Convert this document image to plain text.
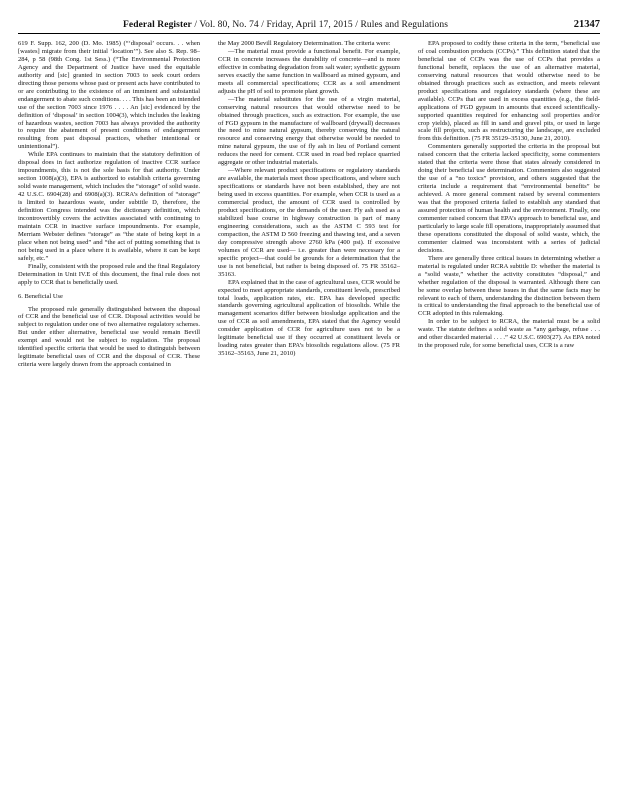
Federal Register / Vol. 80, No. 74 / Friday, April 17, 2015 / Rules and Regulations	21347

619 F. Supp. 162, 200 (D. Mo. 1985) (“‘disposal’ occurs. . . when [wastes] migrate from their initial ‘location’”). See also S. Rep. 98–284, p 58 (98th Cong. 1st Sess.) (“The Environmental Protection Agency and the Department of Justice have used the equitable authority and [sic] granted in section 7003 to seek court orders directing those persons whose past or present acts have contributed to or are contributing to the existence of an imminent and substantial endangerment to abate such conditions. . . . This has been an intended use of the section 7003 since 1976 . . . . An [sic] evidenced by the definition of ‘disposal’ in section 1004(3), which includes the leaking of hazardous wastes, section 7003 has always provided the authority to require the abatement of present conditions of endangerment resulting from past disposal practices, whether intentional or unintentional”).

While EPA continues to maintain that the statutory definition of disposal does in fact authorize regulation of inactive CCR surface impoundments, this is not the sole basis for that authority. Under section 1008(a)(3), EPA is authorized to establish criteria governing solid waste management, which includes the “storage” of solid waste. 42 U.S.C. 6904(28) and 6908(a)(3). RCRA’s definition of “storage” is limited to hazardous waste, under subtitle D, therefore, the definition Congress intended was the dictionary definition, which incontrovertibly covers the activities associated with continuing to maintain CCR in inactive surface impoundments. For example, Merriam Webster defines “storage” as “the state of being kept in a place when not being used” and “the act of putting something that is not being used in a place where it is available, where it can be kept safely, etc.”

Finally, consistent with the proposed rule and the final Regulatory Determination in Unit IV.E of this document, the final rule does not apply to CCR that is beneficially used.

6. Beneficial Use

The proposed rule generally distinguished between the disposal of CCR and the beneficial use of CCR. Disposal activities would be subject to regulation under one of two alternative regulatory schemes. But under either alternative, beneficial use would remain Bevill exempt and would not be subject to regulation. The proposal identified specific criteria that would be used to distinguish between legitimate beneficial uses of CCR and the disposal of CCR. These criteria were largely drawn from the approach contained in

the May 2000 Bevill Regulatory Determination. The criteria were:

—The material must provide a functional benefit. For example, CCR in concrete increases the durability of concrete—and is more effective in combating degradation from salt water; synthetic gypsum serves exactly the same function in wallboard as mined gypsum, and meets all commercial specifications; CCR as a soil amendment adjusts the pH of soil to promote plant growth.

—The material substitutes for the use of a virgin material, conserving natural resources that would otherwise need to be obtained through practices, such as extraction. For example, the use of FGD gypsum in the manufacture of wallboard (drywall) decreases the need to mine natural gypsum, thereby conserving the natural resource and conserving energy that otherwise would be needed to mine natural gypsum, the use of fly ash in lieu of Portland cement reduces the need for cement. CCR used in road bed replace quarried aggregate or other industrial materials.

—Where relevant product specifications or regulatory standards are available, the materials meet those specifications, and where such specifications or standards have not been established, they are not being used in excess quantities. For example, when CCR is used as a commercial product, the amount of CCR used is controlled by product specifications, or the demands of the user. Fly ash used as a stabilized base course in highway construction is part of many engineering considerations, such as the ASTM C 593 test for compaction, the ASTM D 560 freezing and thawing test, and a seven day compressive strength above 2760 kPa (400 psi). If excessive volumes of CCR are used— i.e. greater than were necessary for a specific project—that could be grounds for a determination that the use is not beneficial, but rather is being disposed of. 75 FR 35162–35163.

EPA explained that in the case of agricultural uses, CCR would be expected to meet appropriate standards, constituent levels, prescribed total loads, application rates, etc. EPA has developed specific standards governing agricultural application of biosolids. While the management scenarios differ between biosludge application and the use of CCR as soil amendments, EPA stated that the Agency would consider application of CCR for agriculture uses not to be a legitimate beneficial use if they occurred at constituent levels or loading rates greater than EPA’s biosolids regulations allow. (75 FR 35162–35163, June 21, 2010)

EPA proposed to codify these criteria in the term, “beneficial use of coal combustion products (CCPs).” This definition stated that the beneficial use of CCPs was the use of CCPs that provides a functional benefit, replaces the use of an alternative material, conserving natural resources that would otherwise need to be obtained through practices such as extraction, and meets relevant product specifications and regulatory standards (where these are available). CCPs that are used in excess quantities (e.g., the field-applications of FGD gypsum in amounts that exceed scientifically-supported quantities required for enhancing soil properties and/or crop yields), placed as fill in sand and gravel pits, or used in large scale fill projects, such as restructuring the landscape, are excluded from this definition. (75 FR 35129–35130, June 21, 2010).

Commenters generally supported the criteria in the proposal but raised concern that the criteria lacked specificity, some commenters stated that the criteria were those that states already considered in doing their beneficial use determination. Commenters also suggested the use of a “no toxics” provision, and others suggested that the criteria include a requirement that “environmental benefits” be achieved. A more general comment raised by several commenters was that the proposed criteria failed to establish any standard that assured protection of human health and the environment. Finally, one commenter raised concern that EPA’s approach to beneficial use, and particularly to large scale fill operations, inappropriately assumed that these operations constituted the disposal of solid waste, which, the commenter claimed was inconsistent with a series of judicial decisions.

There are generally three critical issues in determining whether a material is regulated under RCRA subtitle D: whether the material is a “solid waste,” whether the activity constitutes “disposal,” and whether regulation of the disposal is warranted. Although there can be some overlap between these issues in that the same facts may be relevant to each of them, understanding the distinction between them is critical to understanding the final approach to the beneficial use of CCR adopted in this rulemaking.

In order to be subject to RCRA, the material must be a solid waste. The statute defines a solid waste as “any garbage, refuse . . . and other discarded material . . . .” 42 U.S.C. 6903(27). As EPA noted in the proposed rule, for some beneficial uses, CCR is a raw
